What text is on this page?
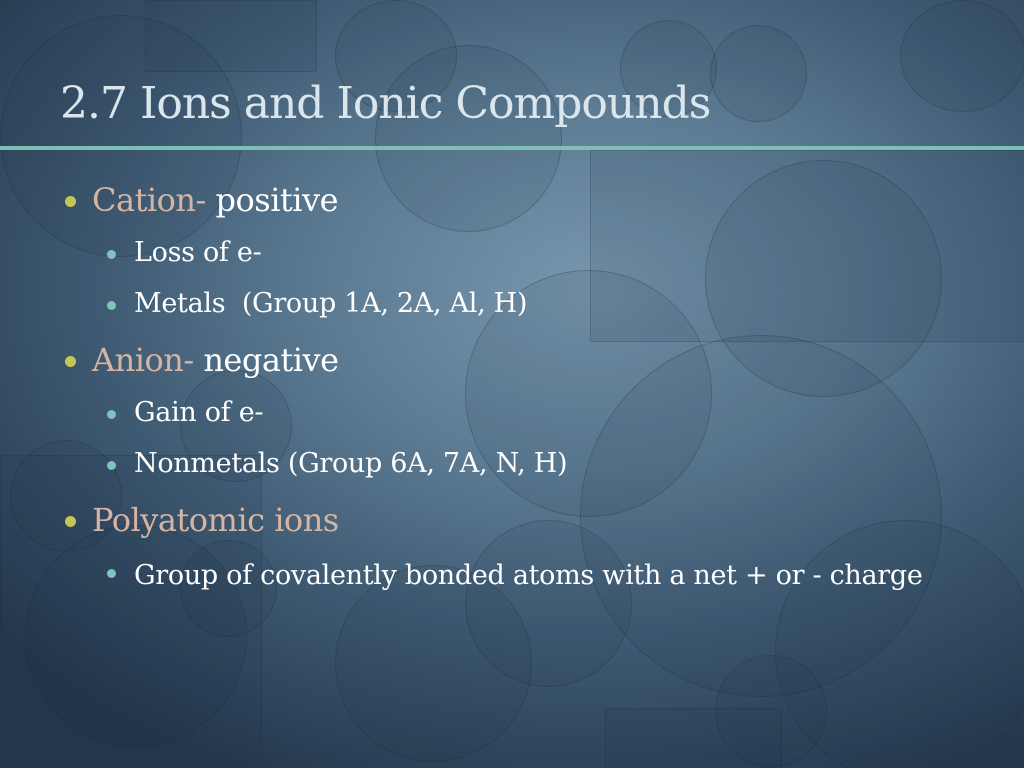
2.7 Ions and Ionic Compounds
Cation- positive
Loss of e-
Metals  (Group 1A, 2A, Al, H)
Anion- negative
Gain of e-
Nonmetals (Group 6A, 7A, N, H)
Polyatomic ions
Group of covalently bonded atoms with a net + or - charge
